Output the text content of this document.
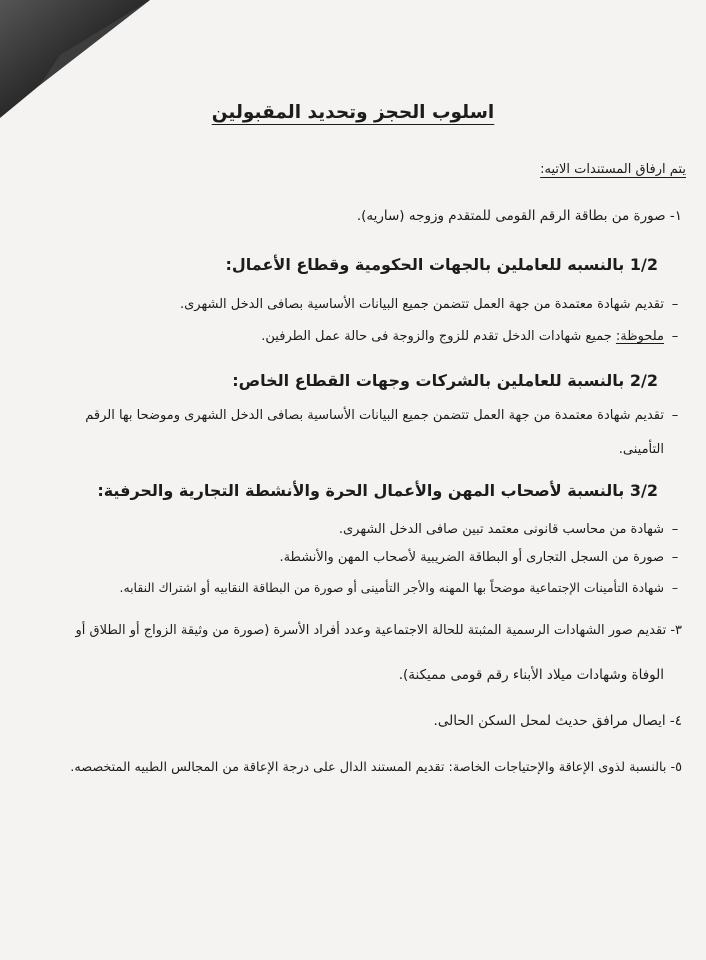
اسلوب الحجز وتحديد المقبولين
يتم ارفاق المستندات الاتيه:
١- صورة من بطاقة الرقم القومى للمتقدم وزوجه (ساريه).
1/2 بالنسبه للعاملين بالجهات الحكومية وقطاع الأعمال:
–تقديم شهادة معتمدة من جهة العمل تتضمن جميع البيانات الأساسية بصافى الدخل الشهرى.
–ملحوظة: جميع شهادات الدخل تقدم للزوج والزوجة فى حالة عمل الطرفين.
2/2 بالنسبة للعاملين بالشركات وجهات القطاع الخاص:
–تقديم شهادة معتمدة من جهة العمل تتضمن جميع البيانات الأساسية بصافى الدخل الشهرى وموضحا بها الرقم
التأمينى.
3/2 بالنسبة لأصحاب المهن والأعمال الحرة والأنشطة التجارية والحرفية:
–شهادة من محاسب قانونى معتمد تبين صافى الدخل الشهرى.
–صورة من السجل التجارى أو البطاقة الضريبية لأصحاب المهن والأنشطة.
–شهادة التأمينات الإجتماعية موضحاً بها المهنه والأجر التأمينى أو صورة من البطاقة النقابيه أو اشتراك النقابه.
٣- تقديم صور الشهادات الرسمية المثبتة للحالة الاجتماعية وعدد أفراد الأسرة (صورة من وثيقة الزواج أو الطلاق أو
الوفاة وشهادات ميلاد الأبناء رقم قومى مميكنة).
٤- ايصال مرافق حديث لمحل السكن الحالى.
٥- بالنسبة لذوى الإعاقة والإحتياجات الخاصة: تقديم المستند الدال على درجة الإعاقة من المجالس الطبيه المتخصصه.
